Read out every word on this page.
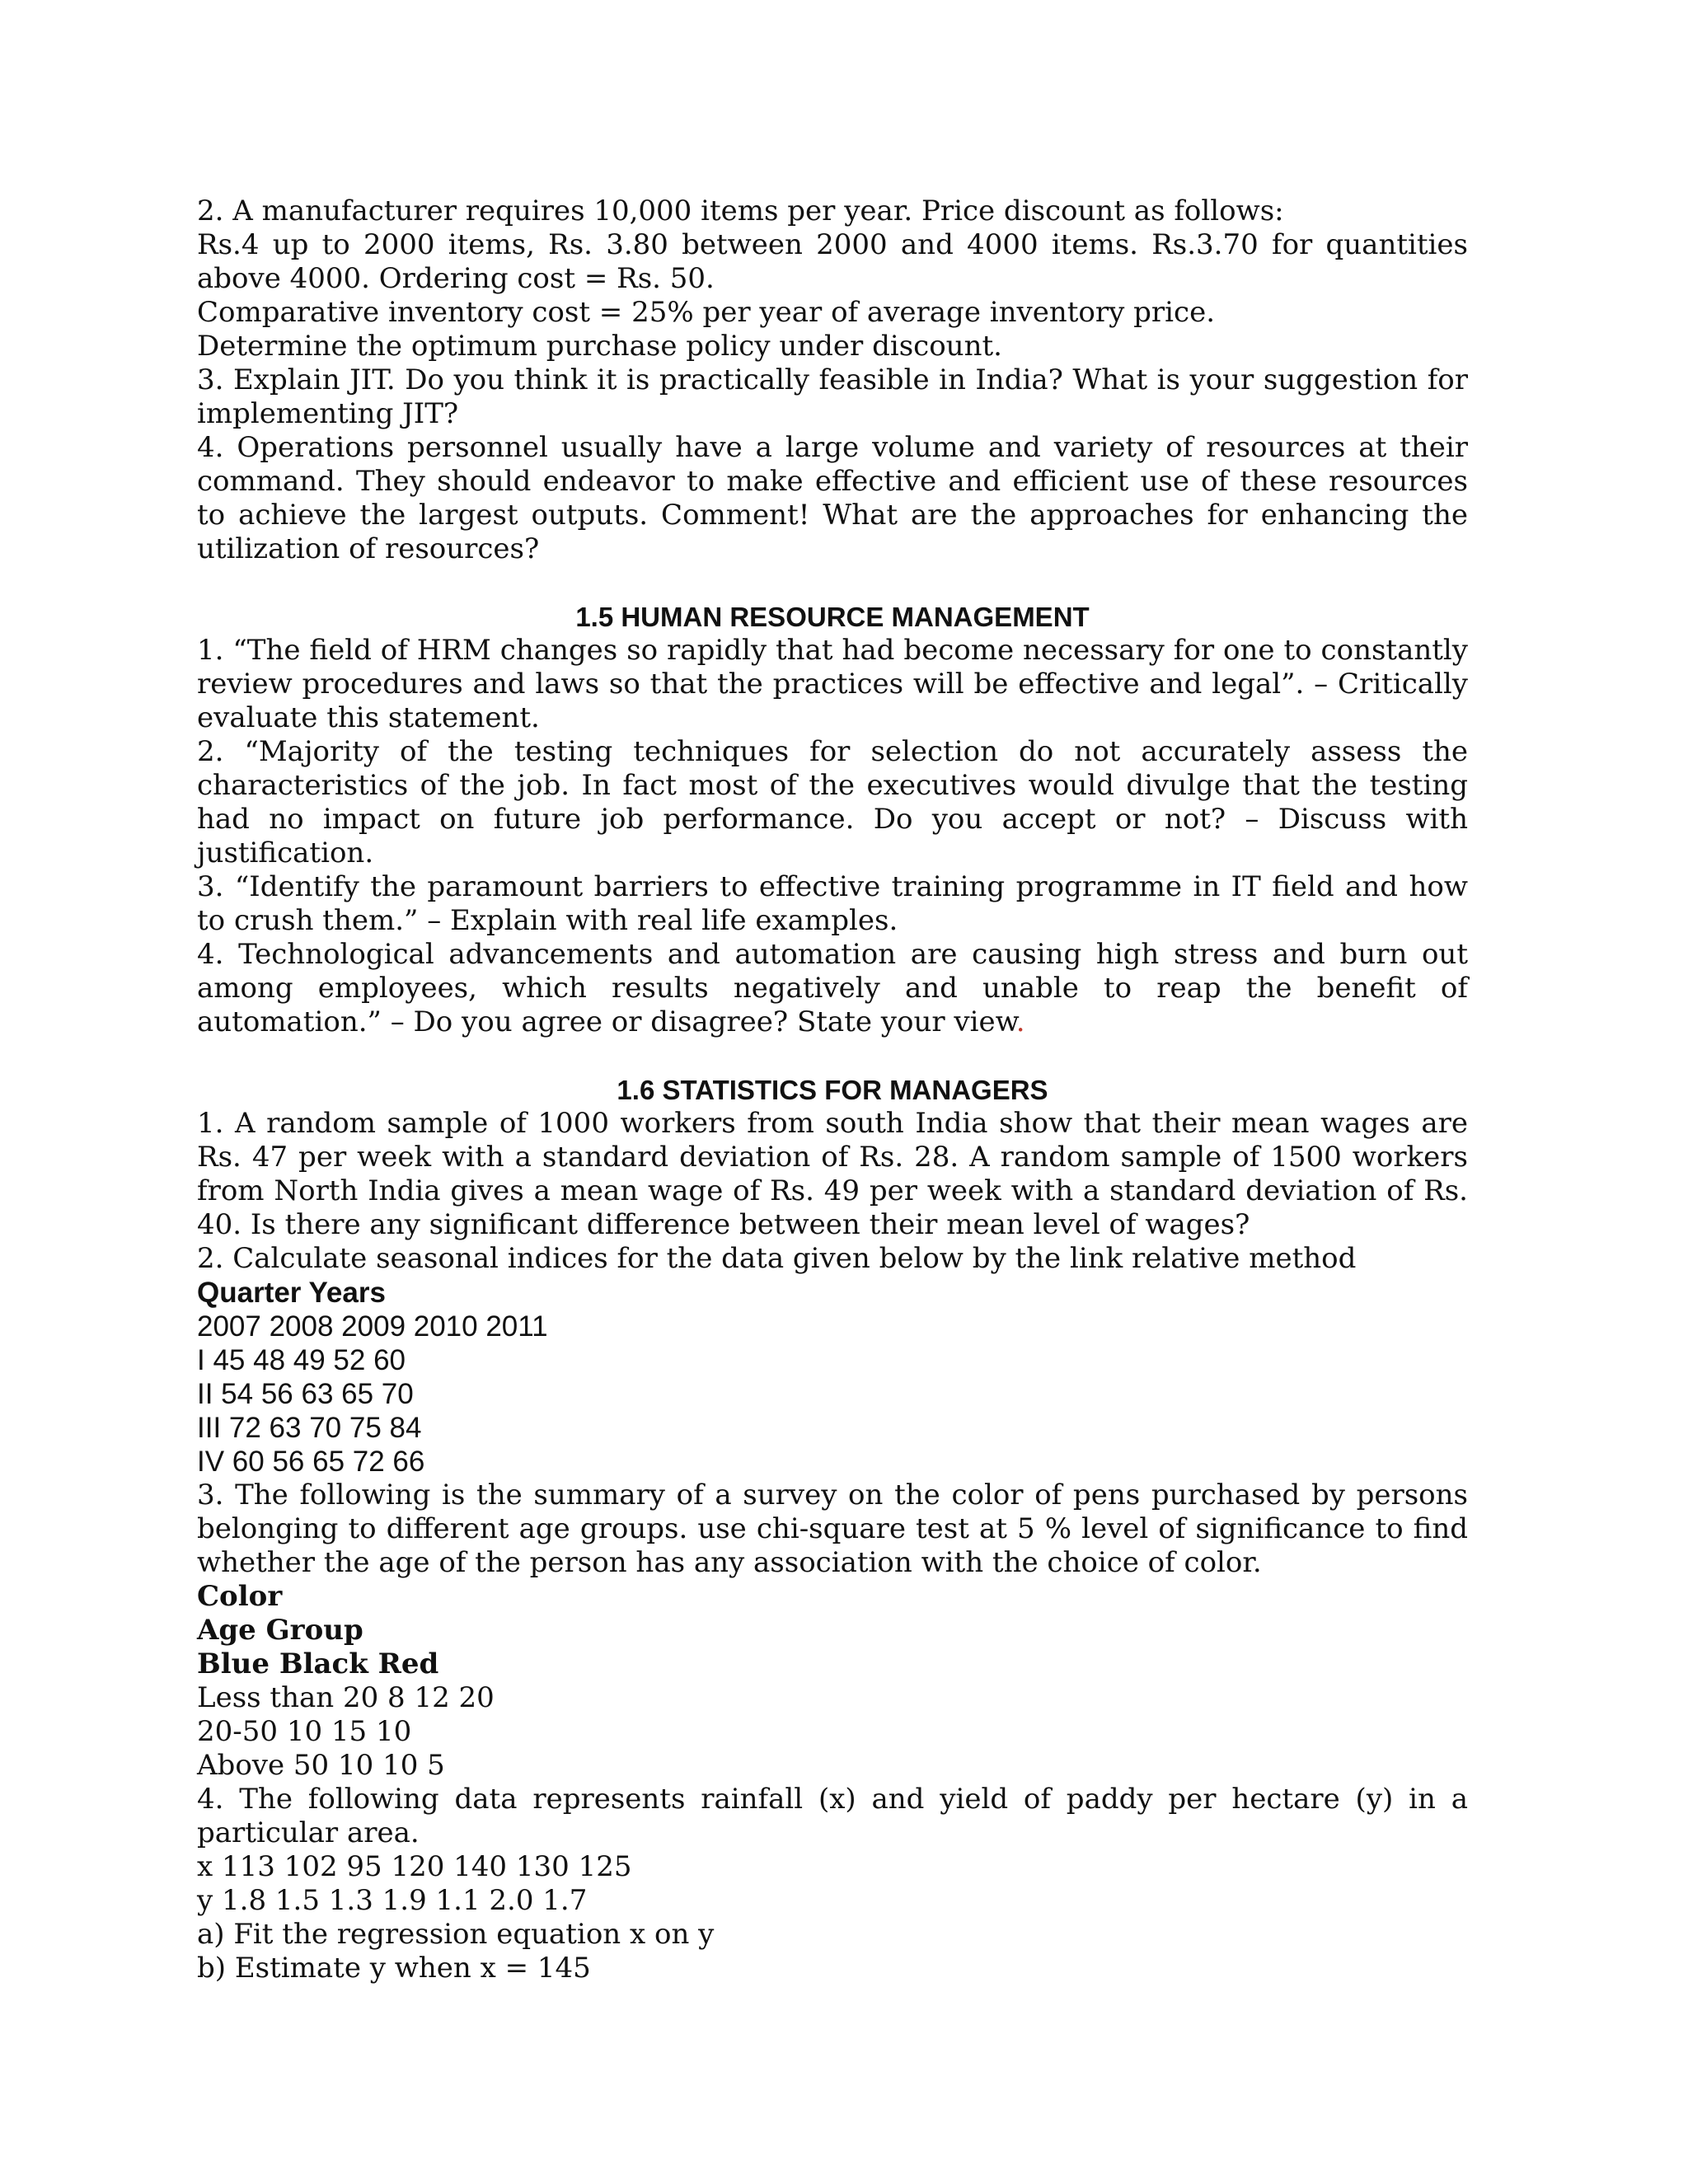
2. A manufacturer requires 10,000 items per year. Price discount as follows:

Rs.4 up to 2000 items, Rs. 3.80 between 2000 and 4000 items. Rs.3.70 for quantities above 4000. Ordering cost = Rs. 50.

Comparative inventory cost = 25% per year of average inventory price.

Determine the optimum purchase policy under discount.

3. Explain JIT. Do you think it is practically feasible in India? What is your suggestion for implementing JIT?

4. Operations personnel usually have a large volume and variety of resources at their command. They should endeavor to make effective and efficient use of these resources to achieve the largest outputs. Comment! What are the approaches for enhancing the utilization of resources?

1.5 HUMAN RESOURCE MANAGEMENT

1. “The field of HRM changes so rapidly that had become necessary for one to constantly review procedures and laws so that the practices will be effective and legal”. – Critically evaluate this statement.

2. “Majority of the testing techniques for selection do not accurately assess the characteristics of the job. In fact most of the executives would divulge that the testing had no impact on future job performance. Do you accept or not? – Discuss with justification.

3. “Identify the paramount barriers to effective training programme in IT field and how to crush them.” – Explain with real life examples.

4. Technological advancements and automation are causing high stress and burn out among employees, which results negatively and unable to reap the benefit of automation.” – Do you agree or disagree? State your view.

1.6 STATISTICS FOR MANAGERS

1. A random sample of 1000 workers from south India show that their mean wages are Rs. 47 per week with a standard deviation of Rs. 28. A random sample of 1500 workers from North India gives a mean wage of Rs. 49 per week with a standard deviation of Rs. 40. Is there any significant difference between their mean level of wages?

2. Calculate seasonal indices for the data given below by the link relative method

Quarter Years

2007 2008 2009 2010 2011

I 45 48 49 52 60

II 54 56 63 65 70

III 72 63 70 75 84

IV 60 56 65 72 66

3. The following is the summary of a survey on the color of pens purchased by persons belonging to different age groups. use chi-square test at 5 % level of significance to find whether the age of the person has any association with the choice of color.

Color

Age Group

Blue Black Red

Less than 20 8 12 20

20-50 10 15 10

Above 50 10 10 5

4. The following data represents rainfall (x) and yield of paddy per hectare (y) in a particular area.

x 113 102 95 120 140 130 125

y 1.8 1.5 1.3 1.9 1.1 2.0 1.7

a) Fit the regression equation x on y

b) Estimate y when x = 145
